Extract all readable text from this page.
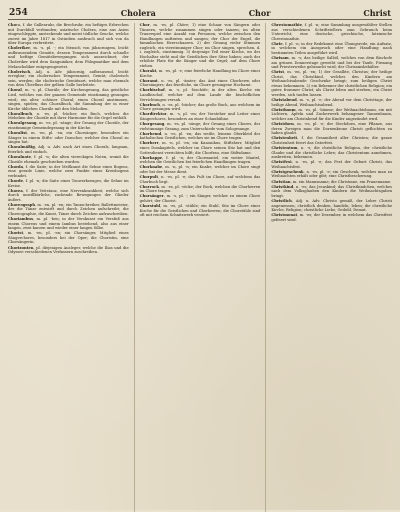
254	Cholera	Chor	Christ

Chora, f. die Gallenruhr, die Brechruhr, ein heftiges Erbrechen mit Durchfall verbunden; asiatische Cholera, eine aus Asien eingeschleppte, ansteckende und meist tödliche Seuche, welche zuerst im Jahre 1817 in Ostindien ausbrach und sich von da über Europa verbreitete.

Choleriker, m. -s, pl. -; ein Mensch von jähzornigem, leicht aufbrausendem Gemüte, dessen Temperament durch schnelle und heftige Gemütsbewegungen sich auszeichnet; der Choleriker wird dem Sanguiniker, dem Phlegmatiker und dem Melancholiker entgegengesetzt.

Cholerisch, Adj. u. Adv. jähzornig, aufbrausend, leicht erregbar; ein cholerisches Temperament, Gemüt; cholerisch sein, werden; die cholerische Gemütsart, welche man ehemals von dem Überfluss der gelben Galle herleitete.

Choral, m. -s, pl. Choräle; der Kirchengesang, das geistliche Lied, welches von der ganzen Gemeinde einstimmig gesungen wird; ein alter, schöner Choral; einen Choral anstimmen, singen, spielen; das Choralbuch, die Sammlung der in einer Kirche üblichen Choräle mit den Melodien.

Choralbuch, n. -es, pl. -bücher; ein Buch, welches die Melodien der Choräle mit ihrer Harmonie für die Orgel enthält.

Choralgesang, m. -es, pl. -sänge; der Gesang der Choräle, der einstimmige Gemeindegesang in der Kirche.

Choralist, m. -en, pl. -en; ein Chorsänger, besonders ein Sänger in einem Stifts- oder Domchor, welcher den Choral zu singen hat.

Choralmäßig, Adj. u. Adv. nach Art eines Chorals, langsam, feierlich und einfach.

Choralnote, f. pl. -n; die alten viereckigen Noten, womit die Choräle ehemals geschrieben wurden.

Chorda, f. die Saite; in der Meßkunst die Sehne eines Bogens, eine gerade Linie, welche zwei Punkte eines Kreisbogens verbindet.

Chorde, f. pl. -n; die Saite eines Tonwerkzeuges; die Sehne im Kreise.

Chorea, f. der Veitstanz, eine Nervenkrankheit, welche sich durch unwillkürliche, zuckende Bewegungen der Glieder äußert.

Choreograph, m. -en, pl. -en; ein Tanzschreiber, Ballettmeister, der die Tänze entwirft und durch Zeichen aufschreibt; die Choreographie, die Kunst, Tänze durch Zeichen aufzuschreiben.

Choriambus, m. pl. -ben; in der Verskunst ein Versfuß aus einem Choreus und einem Iambus bestehend, also aus einer langen, zwei kurzen und wieder einer langen Silbe.

Chorist, m. -en, pl. -en; ein Chorsänger, Mitglied eines Sängerchores, besonders bei der Oper; die Choristin, eine Chorsängerin.

Chorizonten, pl. diejenigen Ausleger, welche die Ilias und die Odyssee verschiedenen Verfassern zuschreiben.

Chor, m. -es, pl. Chöre; 1) eine Schaar von Sängern oder Tänzern, welche zusammen singen oder tanzen; im alten Trauerspiel eine Anzahl von Personen, welche zwischen den Handlungen auftraten und sangen; der Chor der Engel, die himmlischen Heerschaaren. 2) der Gesang vieler Stimmen zugleich; ein vierstimmiger Chor; im Chor singen, sprechen, d. i. zugleich, einstimmig. 3) derjenige Teil einer Kirche, wo der Hochaltar steht und die Geistlichen ihre Sitze haben; auch der erhöhte Platz für die Sänger und die Orgel; auf dem Chore stehen.

Chorakt, m. -es, pl. -e; eine feierliche Handlung im Chore einer Kirche.

Choramt, n. -es, pl. -ämter; das Amt eines Chorherrn oder Chorsängers; das feierliche, im Chore gesungene Hochamt.

Chorbischof, m. -s, pl. -bischöfe; in der alten Kirche ein Landbischof, welcher auf dem Lande die bischöflichen Verrichtungen versah.

Chorbuch, n. -es, pl. -bücher; das große Buch, aus welchem im Chore gesungen wird.

Chordirektor, m. -s, pl. -en; der Vorsteher und Leiter eines Sängerchores, besonders an einer Schaubühne.

Chorgesang, m. -es, pl. -sänge; der Gesang eines Chores, der vielstimmige Gesang, zum Unterschiede vom Sologesange.

Chorhemd, n. -es, pl. -en; das weiße, leinene Oberkleid der katholischen Geistlichen, welches sie im Chore tragen.

Chorherr, m. -n, pl. -en; ein Kanonikus, Stiftsherr, Mitglied eines Domkapitels, welcher im Chore seinen Sitz hat und den Gottesdienst verrichten hilft; die Chorfrau, eine Stiftsdame.

Chorkappe, f. pl. -n; der Chormantel, ein weiter Mantel, welchen die Geistlichen bei feierlichen Handlungen tragen.

Chorknabe, m. -n, pl. -n; ein Knabe, welcher im Chore singt oder bei der Messe dient.

Chorpult, n. -es, pl. -e; das Pult im Chore, auf welchem das Chorbuch liegt.

Chorrock, m. -es, pl. -röcke; der Rock, welchen die Chorherren im Chore tragen.

Chorsänger, m. -s, pl. -; ein Sänger, welcher zu einem Chore gehört; der Chorist.

Chorstuhl, m. -es, pl. -stühle; ein Stuhl, Sitz im Chore einer Kirche für die Geistlichen und Chorherren; die Chorstühle sind oft mit reichem Schnitzwerk verziert.

Chrestomathie, f. pl. -n; eine Sammlung ausgewählter Stellen aus verschiedenen Schriftstellern zum Gebrauch beim Unterricht; eine deutsche, griechische, lateinische Chrestomathie.

Chrie, f. pl. -n; in der Redekunst eine Übungsrede, ein Aufsatz, in welchem ein Ausspruch oder eine Handlung nach bestimmten Teilen ausgeführt wird.

Chrisam, m. -s; das heilige Salböl, welches von dem Bischofe am grünen Donnerstage geweiht und bei der Taufe, Firmung und Priesterweihe gebraucht wird; der Chrisamsbehälter.

Christ, m. -en, pl. -en; 1) der Gesalbte, Christus; der heilige Christ, das Christkind, welches den Kindern am Weihnachtsabende Geschenke bringt; zum heiligen Christ etwas bekommen. 2) ein Bekenner der christlichen Religion; ein guter, frommer Christ; als Christ leben und sterben; ein Christ werden, sich taufen lassen.

Christabend, m. -s, pl. -e; der Abend vor dem Christtage, der heilige Abend, Weihnachtsabend.

Christbaum, m. -es, pl. -bäume; der Weihnachtsbaum, ein mit Lichtern, Äpfeln und Zuckerwerk behangener Tannenbaum, welcher am Christabend für die Kinder angezündet wird.

Christdorn, m. -es, pl. -e; der Stechdorn, eine Pflanze, aus deren Zweigen man die Dornenkrone Christi geflochten zu haben glaubt.

Christenheit, f. die Gesamtheit aller Christen; die ganze Christenheit feiert das Osterfest.

Christentum, n. -s; die christliche Religion, der christliche Glaube und die christliche Lehre; das Christentum annehmen, ausbreiten, bekennen.

Christfest, n. -es, pl. -e; das Fest der Geburt Christi, das Weihnachtsfest.

Christgeschenk, n. -es, pl. -e; ein Geschenk, welches man zu Weihnachten erhält oder gibt; eine Christbescherung.

Christian, m. ein Mannsname; die Christiane, ein Frauenname.

Christkind, n. -es; das Jesuskind; das Christkindchen, welches nach dem Volksglauben den Kindern die Weihnachtsgaben bringt.

Christlich, Adj. u. Adv. Christo gemäß, der Lehre Christi angemessen; christlich denken, handeln, leben; die christliche Kirche, Religion; christliche Liebe, Geduld, Demut.

Christmonat, m. -es; der Dezember, in welchem das Christfest gefeiert wird.
